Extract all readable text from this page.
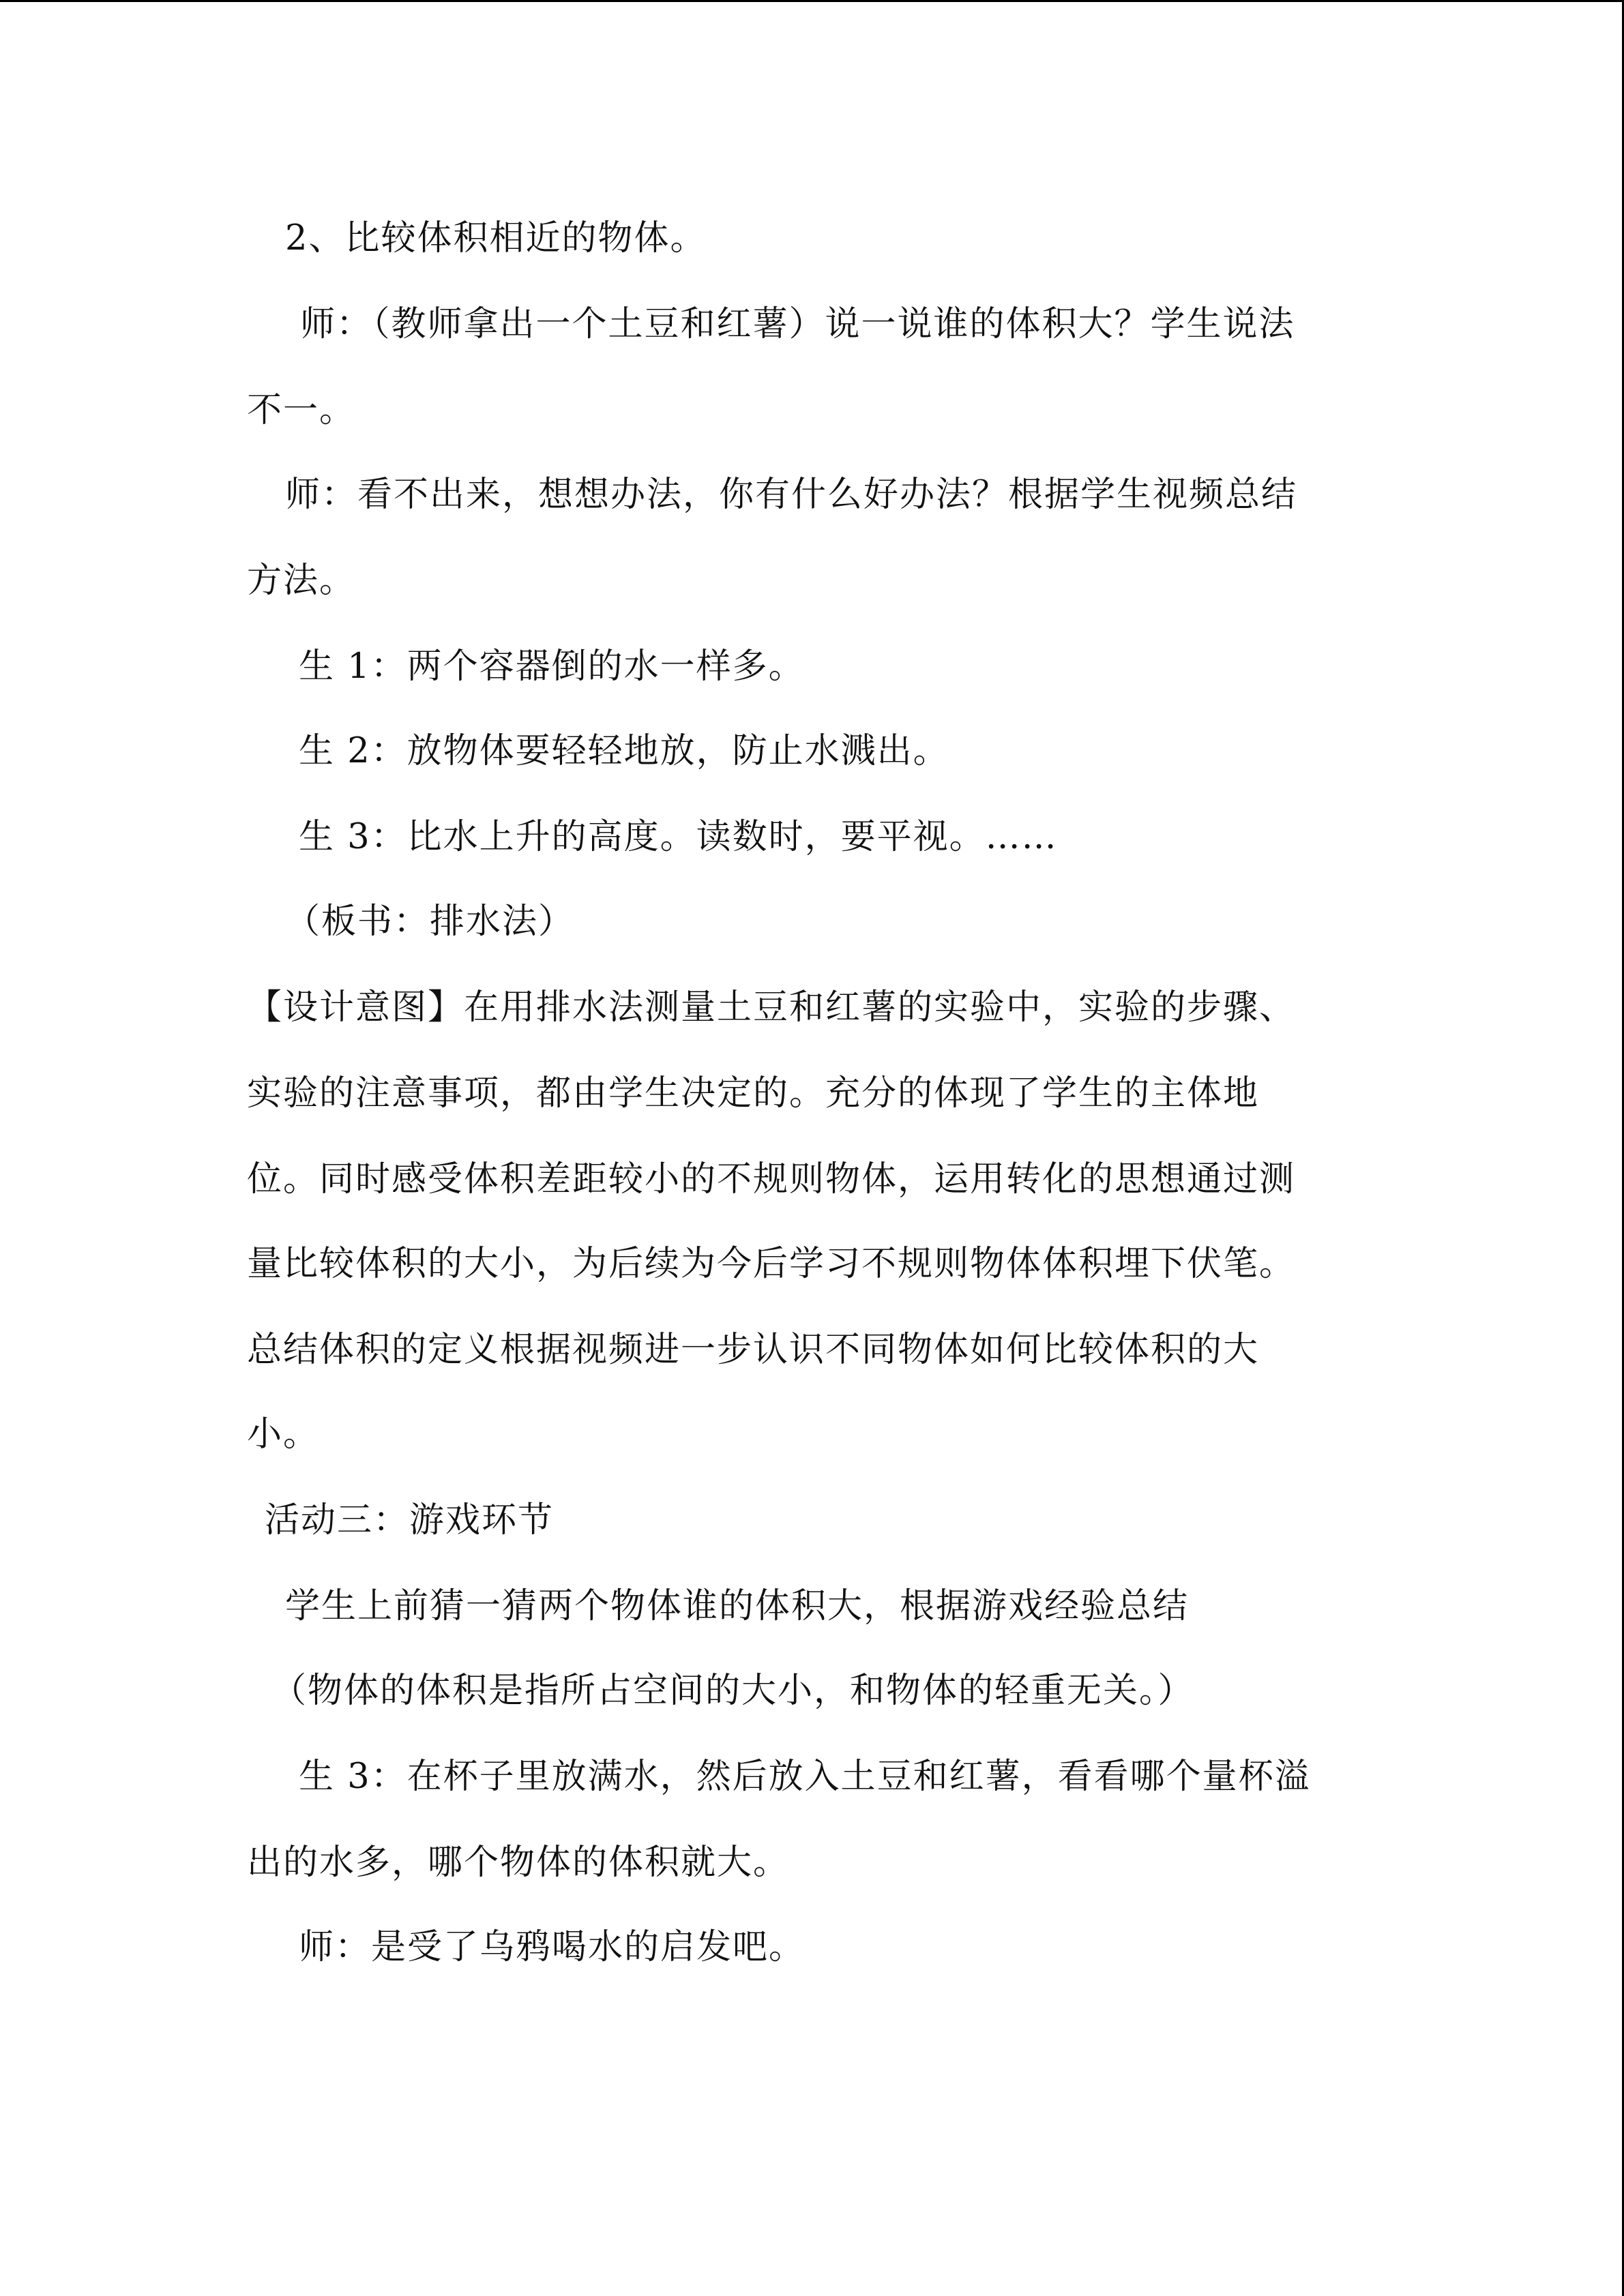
2、比较体积相近的物体。
师：（教师拿出一个土豆和红薯）说一说谁的体积大？学生说法
不一。
师：看不出来，想想办法，你有什么好办法？根据学生视频总结
方法。
生 1：两个容器倒的水一样多。
生 2：放物体要轻轻地放，防止水溅出。
生 3：比水上升的高度。读数时，要平视。……
（板书：排水法）
【设计意图】在用排水法测量土豆和红薯的实验中，实验的步骤、
实验的注意事项，都由学生决定的。充分的体现了学生的主体地
位。同时感受体积差距较小的不规则物体，运用转化的思想通过测
量比较体积的大小，为后续为今后学习不规则物体体积埋下伏笔。
总结体积的定义根据视频进一步认识不同物体如何比较体积的大
小。
活动三：游戏环节
学生上前猜一猜两个物体谁的体积大，根据游戏经验总结
（物体的体积是指所占空间的大小，和物体的轻重无关。）
生 3：在杯子里放满水，然后放入土豆和红薯，看看哪个量杯溢
出的水多，哪个物体的体积就大。
师：是受了乌鸦喝水的启发吧。
